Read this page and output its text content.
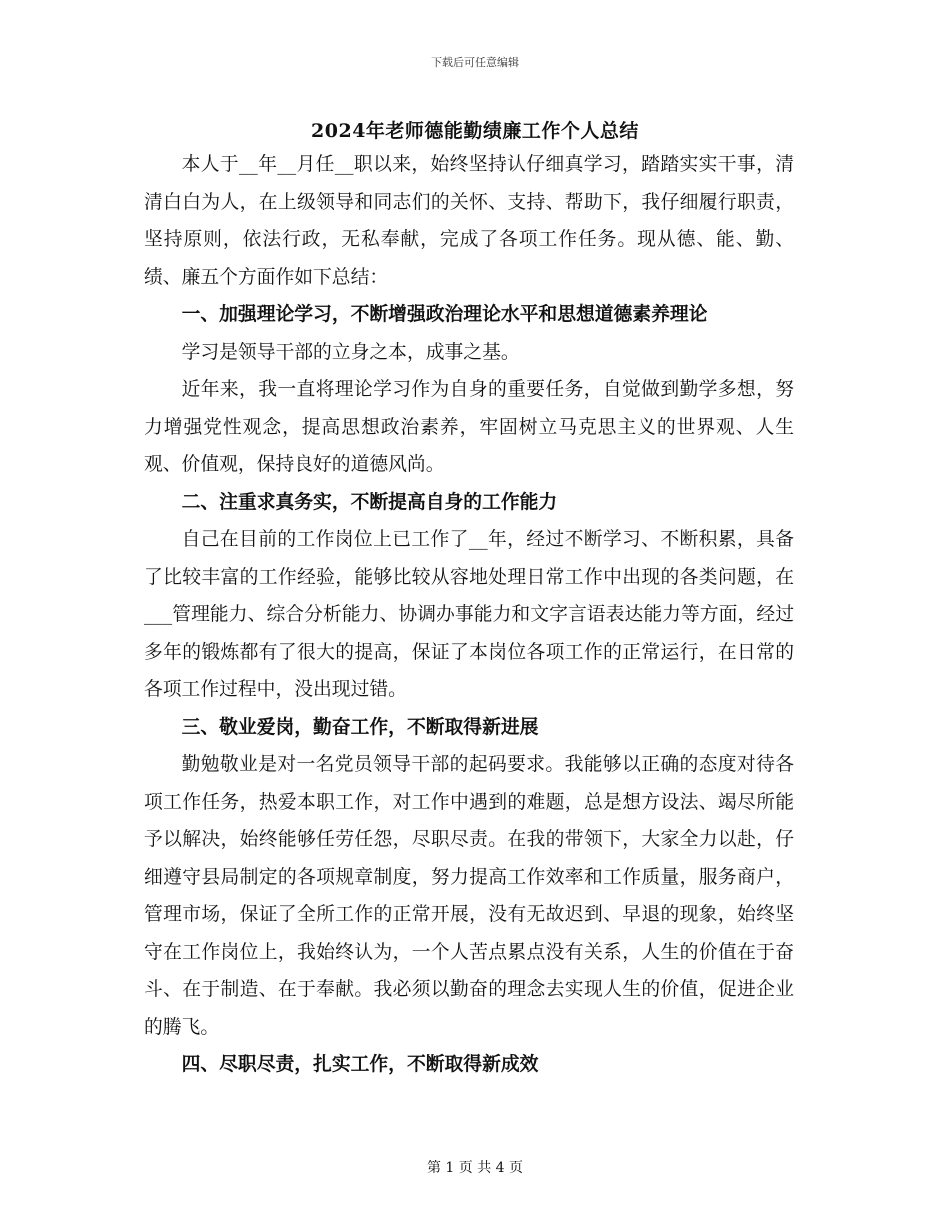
下载后可任意编辑
2024年老师德能勤绩廉工作个人总结

本人于__年__月任__职以来，始终坚持认仔细真学习，踏踏实实干事，清清白白为人，在上级领导和同志们的关怀、支持、帮助下，我仔细履行职责，坚持原则，依法行政，无私奉献，完成了各项工作任务。现从德、能、勤、绩、廉五个方面作如下总结：

一、加强理论学习，不断增强政治理论水平和思想道德素养理论

学习是领导干部的立身之本，成事之基。

近年来，我一直将理论学习作为自身的重要任务，自觉做到勤学多想，努力增强党性观念，提高思想政治素养，牢固树立马克思主义的世界观、人生观、价值观，保持良好的道德风尚。

二、注重求真务实，不断提高自身的工作能力

自己在目前的工作岗位上已工作了__年，经过不断学习、不断积累，具备了比较丰富的工作经验，能够比较从容地处理日常工作中出现的各类问题，在___管理能力、综合分析能力、协调办事能力和文字言语表达能力等方面，经过多年的锻炼都有了很大的提高，保证了本岗位各项工作的正常运行，在日常的各项工作过程中，没出现过错。

三、敬业爱岗，勤奋工作，不断取得新进展

勤勉敬业是对一名党员领导干部的起码要求。我能够以正确的态度对待各项工作任务，热爱本职工作，对工作中遇到的难题，总是想方设法、竭尽所能予以解决，始终能够任劳任怨，尽职尽责。在我的带领下，大家全力以赴，仔细遵守县局制定的各项规章制度，努力提高工作效率和工作质量，服务商户，管理市场，保证了全所工作的正常开展，没有无故迟到、早退的现象，始终坚守在工作岗位上，我始终认为，一个人苦点累点没有关系，人生的价值在于奋斗、在于制造、在于奉献。我必须以勤奋的理念去实现人生的价值，促进企业的腾飞。

四、尽职尽责，扎实工作，不断取得新成效

第 1 页 共 4 页
